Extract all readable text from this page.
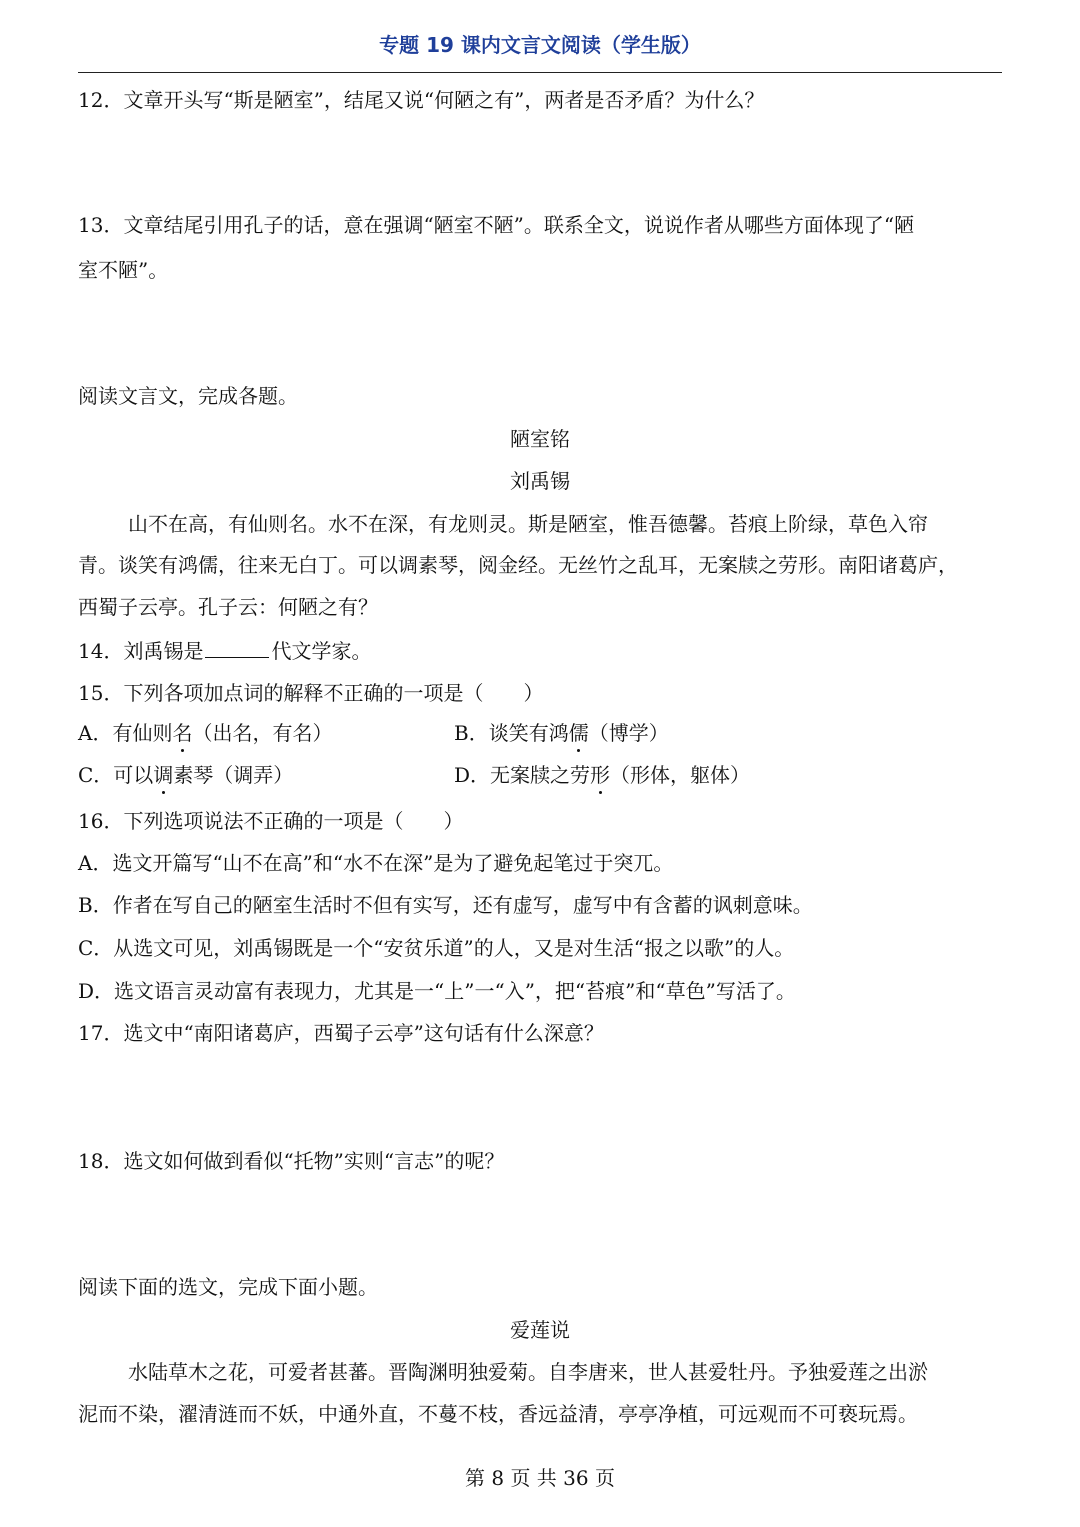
专题 19 课内文言文阅读（学生版）
12．文章开头写“斯是陋室”，结尾又说“何陋之有”，两者是否矛盾？为什么？
13．文章结尾引用孔子的话，意在强调“陋室不陋”。联系全文，说说作者从哪些方面体现了“陋
室不陋”。
阅读文言文，完成各题。
陋室铭
刘禹锡
山不在高，有仙则名。水不在深，有龙则灵。斯是陋室，惟吾德馨。苔痕上阶绿，草色入帘
青。谈笑有鸿儒，往来无白丁。可以调素琴，阅金经。无丝竹之乱耳，无案牍之劳形。南阳诸葛庐，
西蜀子云亭。孔子云：何陋之有？
14．刘禹锡是	代文学家。
15．下列各项加点词的解释不正确的一项是（　　）
A．有仙则名（出名，有名）	B．谈笑有鸿儒（博学）
C．可以调素琴（调弄）	D．无案牍之劳形（形体，躯体）
16．下列选项说法不正确的一项是（　　）
A．选文开篇写“山不在高”和“水不在深”是为了避免起笔过于突兀。
B．作者在写自己的陋室生活时不但有实写，还有虚写，虚写中有含蓄的讽刺意味。
C．从选文可见，刘禹锡既是一个“安贫乐道”的人，又是对生活“报之以歌”的人。
D．选文语言灵动富有表现力，尤其是一“上”一“入”，把“苔痕”和“草色”写活了。
17．选文中“南阳诸葛庐，西蜀子云亭”这句话有什么深意？
18．选文如何做到看似“托物”实则“言志”的呢？
阅读下面的选文，完成下面小题。
爱莲说
水陆草木之花，可爱者甚蕃。晋陶渊明独爱菊。自李唐来，世人甚爱牡丹。予独爱莲之出淤
泥而不染，濯清涟而不妖，中通外直，不蔓不枝，香远益清，亭亭净植，可远观而不可亵玩焉。
第 8 页 共 36 页
